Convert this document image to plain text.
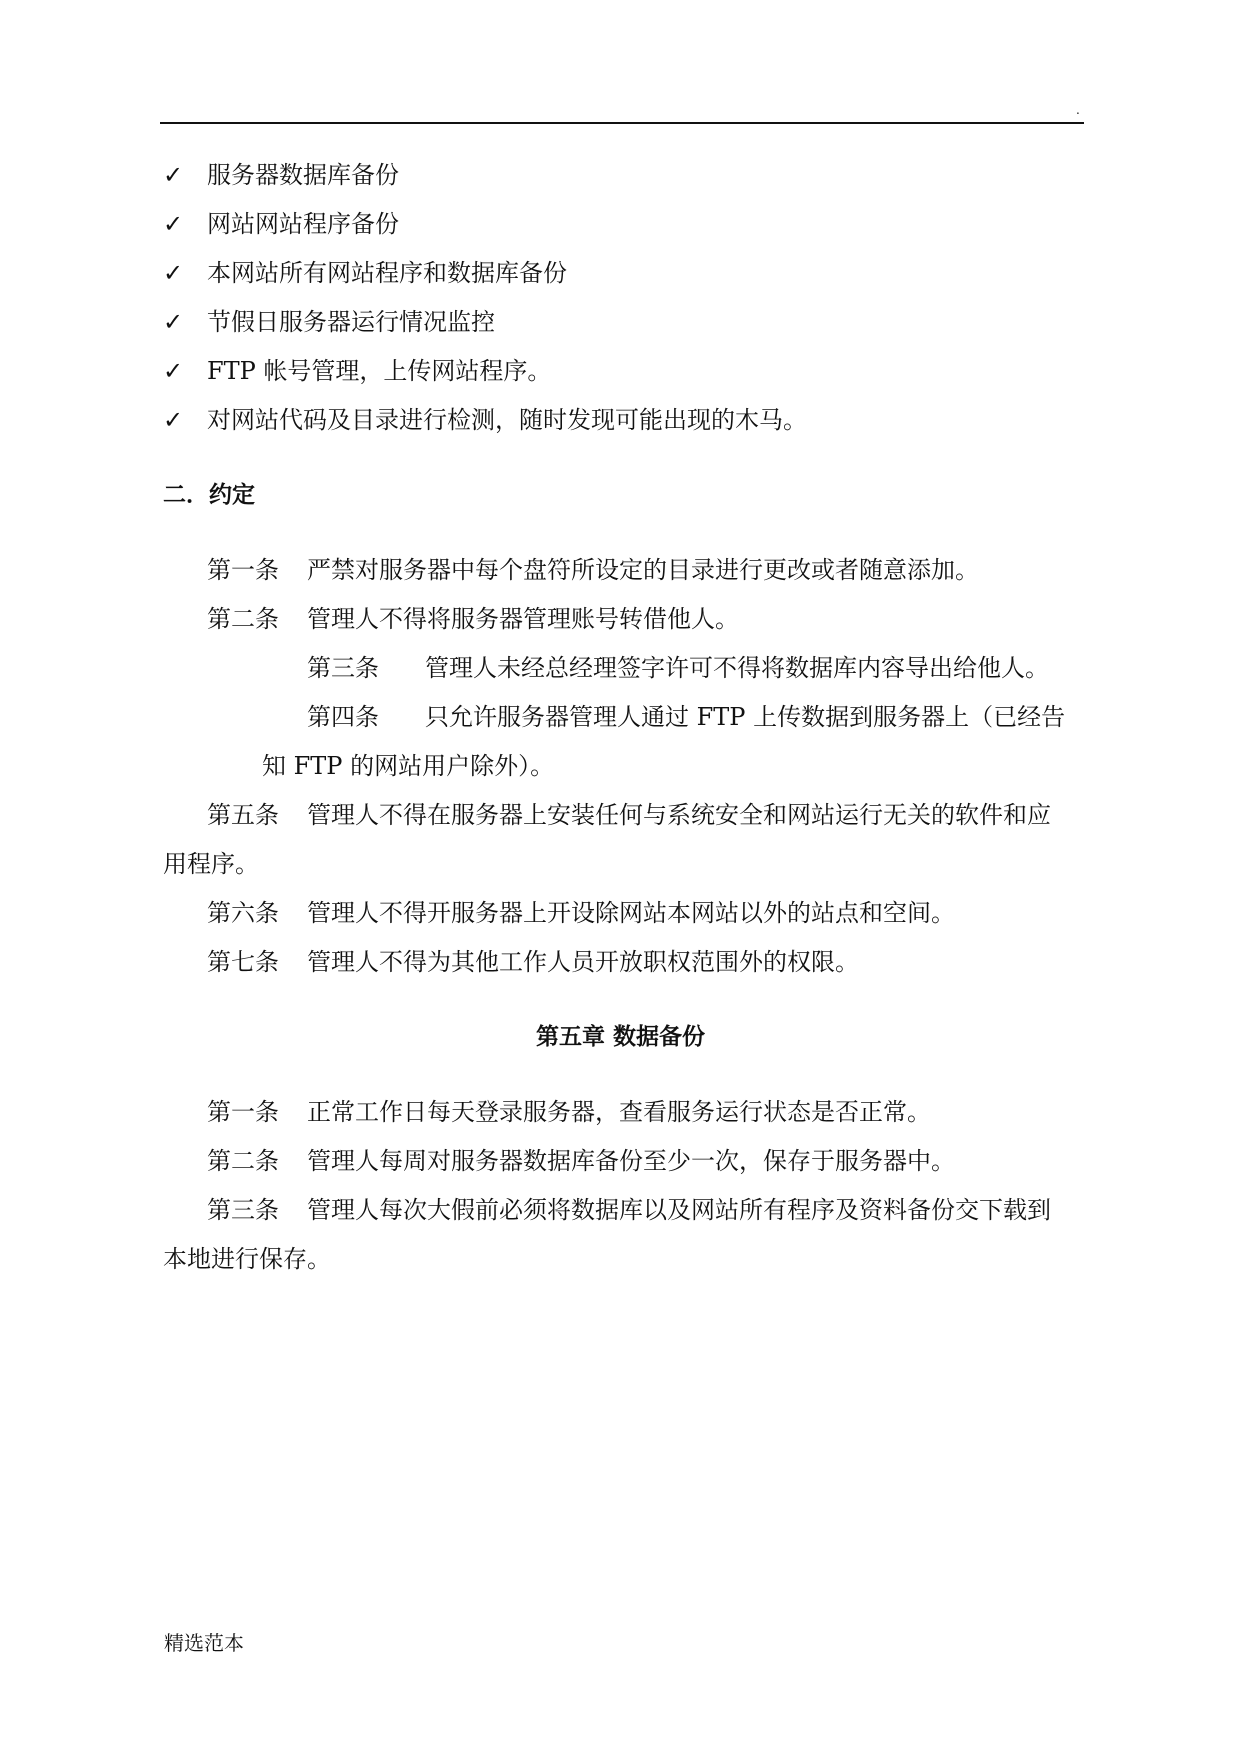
.
✓ 服务器数据库备份
✓ 网站网站程序备份
✓ 本网站所有网站程序和数据库备份
✓ 节假日服务器运行情况监控
✓ FTP 帐号管理，上传网站程序。
✓ 对网站代码及目录进行检测，随时发现可能出现的木马。
二．约定
第一条 严禁对服务器中每个盘符所设定的目录进行更改或者随意添加。
第二条 管理人不得将服务器管理账号转借他人。
第三条 管理人未经总经理签字许可不得将数据库内容导出给他人。
第四条 只允许服务器管理人通过 FTP 上传数据到服务器上（已经告
知 FTP 的网站用户除外）。
第五条 管理人不得在服务器上安装任何与系统安全和网站运行无关的软件和应
用程序。
第六条 管理人不得开服务器上开设除网站本网站以外的站点和空间。
第七条 管理人不得为其他工作人员开放职权范围外的权限。
第五章 数据备份
第一条 正常工作日每天登录服务器，查看服务运行状态是否正常。
第二条 管理人每周对服务器数据库备份至少一次，保存于服务器中。
第三条 管理人每次大假前必须将数据库以及网站所有程序及资料备份交下载到
本地进行保存。
精选范本
